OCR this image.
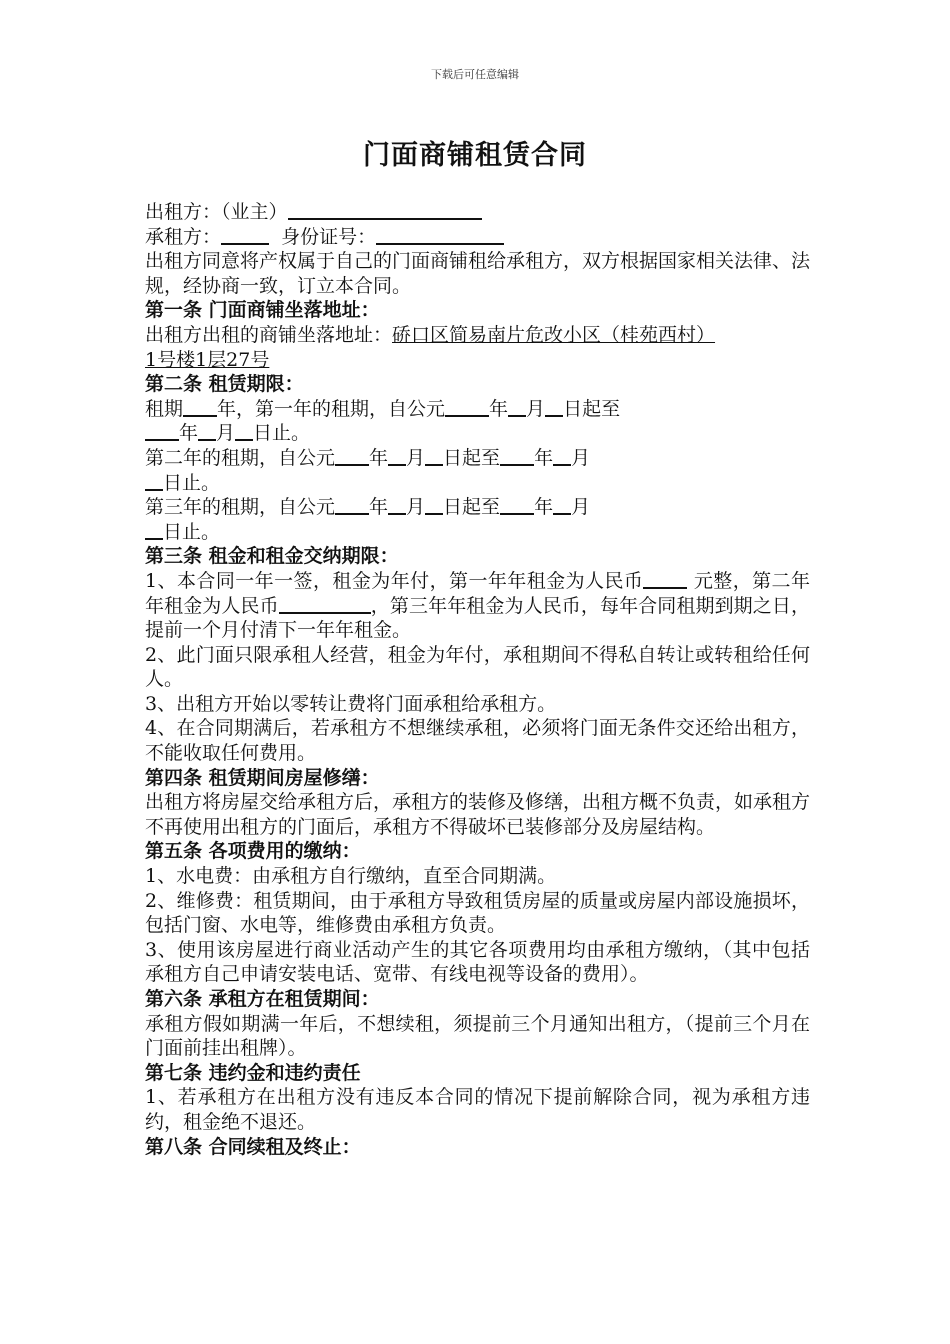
下载后可任意编辑
门面商铺租赁合同

出租方：（业主）

承租方：	身份证号：

出租方同意将产权属于自己的门面商铺租给承租方，双方根据国家相关法律、法规，经协商一致，订立本合同。

第一条 门面商铺坐落地址：

出租方出租的商铺坐落地址：硚口区简易南片危改小区（桂苑西村）

1号楼1层27号

第二条 租赁期限：

租期 年，第一年的租期，自公元 年 月 日起至
年 月 日止。

第二年的租期，自公元 年 月 日起至 年 月
日止。

第三年的租期，自公元 年 月 日起至 年 月
日止。

第三条 租金和租金交纳期限：

1、本合同一年一签，租金为年付，第一年年租金为人民币	元整，第二年年租金为人民币	，第三年年租金为人民币，每年合同租期到期之日，提前一个月付清下一年年租金。

2、此门面只限承租人经营，租金为年付，承租期间不得私自转让或转租给任何人。

3、出租方开始以零转让费将门面承租给承租方。

4、在合同期满后，若承租方不想继续承租，必须将门面无条件交还给出租方，不能收取任何费用。

第四条 租赁期间房屋修缮：

出租方将房屋交给承租方后，承租方的装修及修缮，出租方概不负责，如承租方不再使用出租方的门面后，承租方不得破坏已装修部分及房屋结构。

第五条 各项费用的缴纳：

1、水电费：由承租方自行缴纳，直至合同期满。

2、维修费：租赁期间，由于承租方导致租赁房屋的质量或房屋内部设施损坏，包括门窗、水电等，维修费由承租方负责。

3、使用该房屋进行商业活动产生的其它各项费用均由承租方缴纳，（其中包括承租方自己申请安装电话、宽带、有线电视等设备的费用）。

第六条 承租方在租赁期间：

承租方假如期满一年后，不想续租，须提前三个月通知出租方，（提前三个月在门面前挂出租牌）。

第七条 违约金和违约责任

1、若承租方在出租方没有违反本合同的情况下提前解除合同，视为承租方违约，租金绝不退还。

第八条 合同续租及终止：
